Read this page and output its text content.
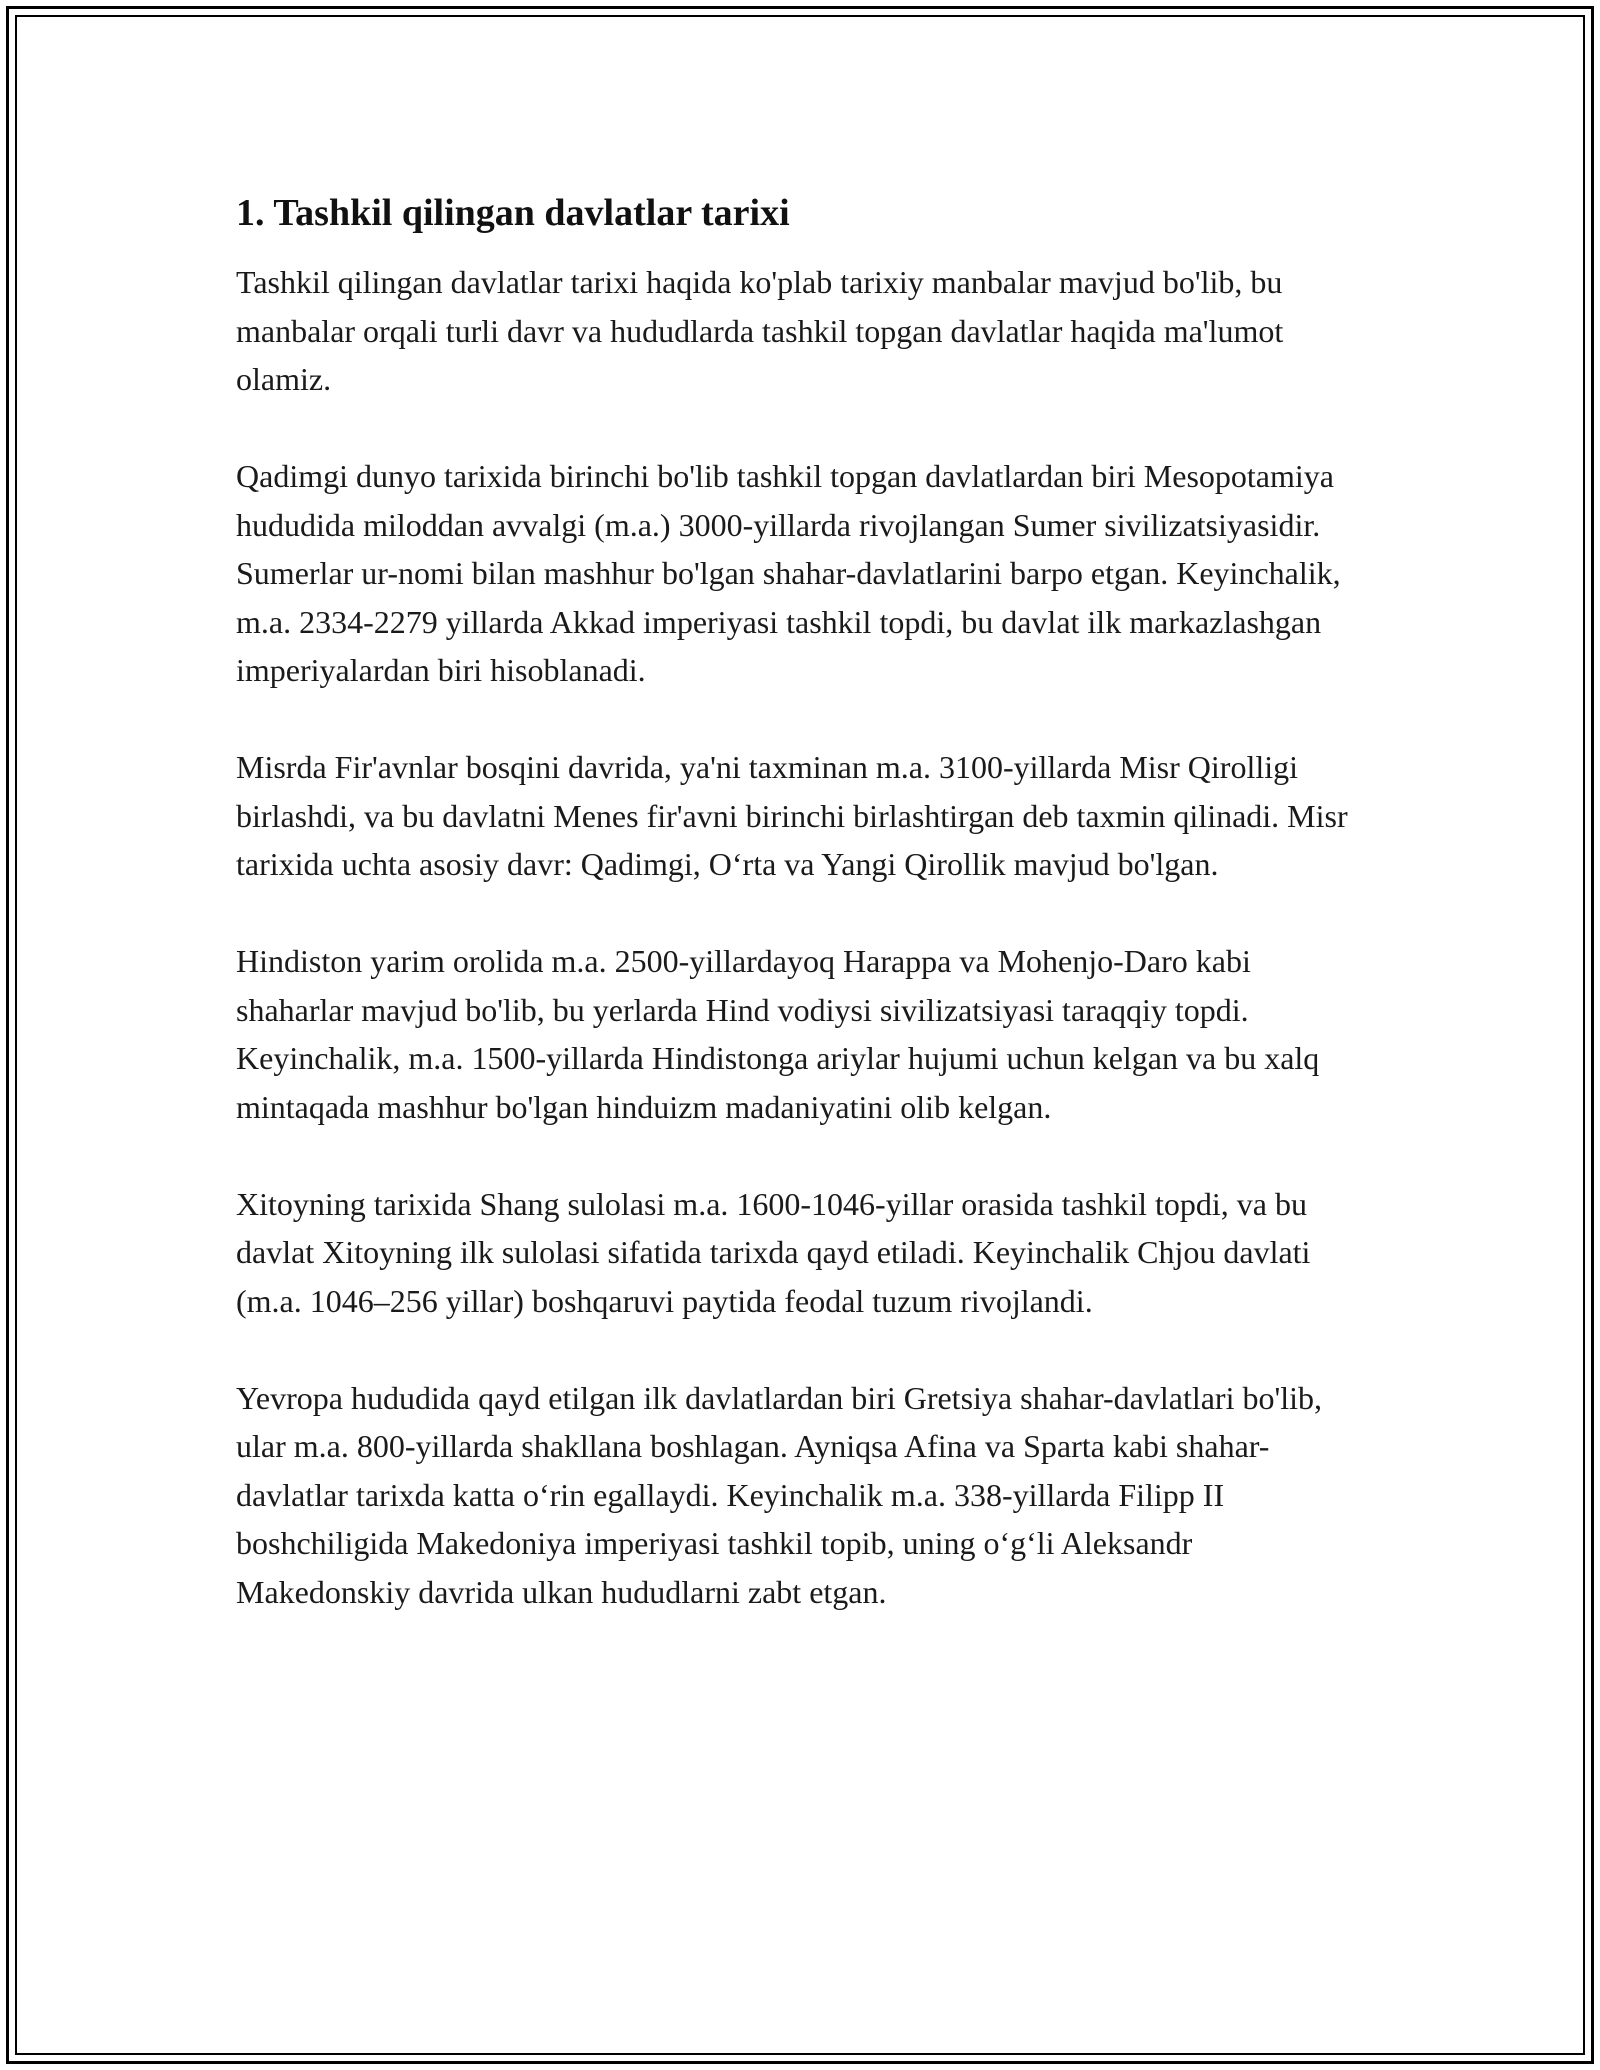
1. Tashkil qilingan davlatlar tarixi

Tashkil qilingan davlatlar tarixi haqida ko'plab tarixiy manbalar mavjud bo'lib, bu manbalar orqali turli davr va hududlarda tashkil topgan davlatlar haqida ma'lumot olamiz.

Qadimgi dunyo tarixida birinchi bo'lib tashkil topgan davlatlardan biri Mesopotamiya hududida miloddan avvalgi (m.a.) 3000-yillarda rivojlangan Sumer sivilizatsiyasidir. Sumerlar ur-nomi bilan mashhur bo'lgan shahar-davlatlarini barpo etgan. Keyinchalik, m.a. 2334-2279 yillarda Akkad imperiyasi tashkil topdi, bu davlat ilk markazlashgan imperiyalardan biri hisoblanadi.

Misrda Fir'avnlar bosqini davrida, ya'ni taxminan m.a. 3100-yillarda Misr Qirolligi birlashdi, va bu davlatni Menes fir'avni birinchi birlashtirgan deb taxmin qilinadi. Misr tarixida uchta asosiy davr: Qadimgi, O‘rta va Yangi Qirollik mavjud bo'lgan.

Hindiston yarim orolida m.a. 2500-yillardayoq Harappa va Mohenjo-Daro kabi shaharlar mavjud bo'lib, bu yerlarda Hind vodiysi sivilizatsiyasi taraqqiy topdi. Keyinchalik, m.a. 1500-yillarda Hindistonga ariylar hujumi uchun kelgan va bu xalq mintaqada mashhur bo'lgan hinduizm madaniyatini olib kelgan.

Xitoyning tarixida Shang sulolasi m.a. 1600-1046-yillar orasida tashkil topdi, va bu davlat Xitoyning ilk sulolasi sifatida tarixda qayd etiladi. Keyinchalik Chjou davlati (m.a. 1046–256 yillar) boshqaruvi paytida feodal tuzum rivojlandi.

Yevropa hududida qayd etilgan ilk davlatlardan biri Gretsiya shahar-davlatlari bo'lib, ular m.a. 800-yillarda shakllana boshlagan. Ayniqsa Afina va Sparta kabi shahar-davlatlar tarixda katta o‘rin egallaydi. Keyinchalik m.a. 338-yillarda Filipp II boshchiligida Makedoniya imperiyasi tashkil topib, uning o‘g‘li Aleksandr Makedonskiy davrida ulkan hududlarni zabt etgan.
